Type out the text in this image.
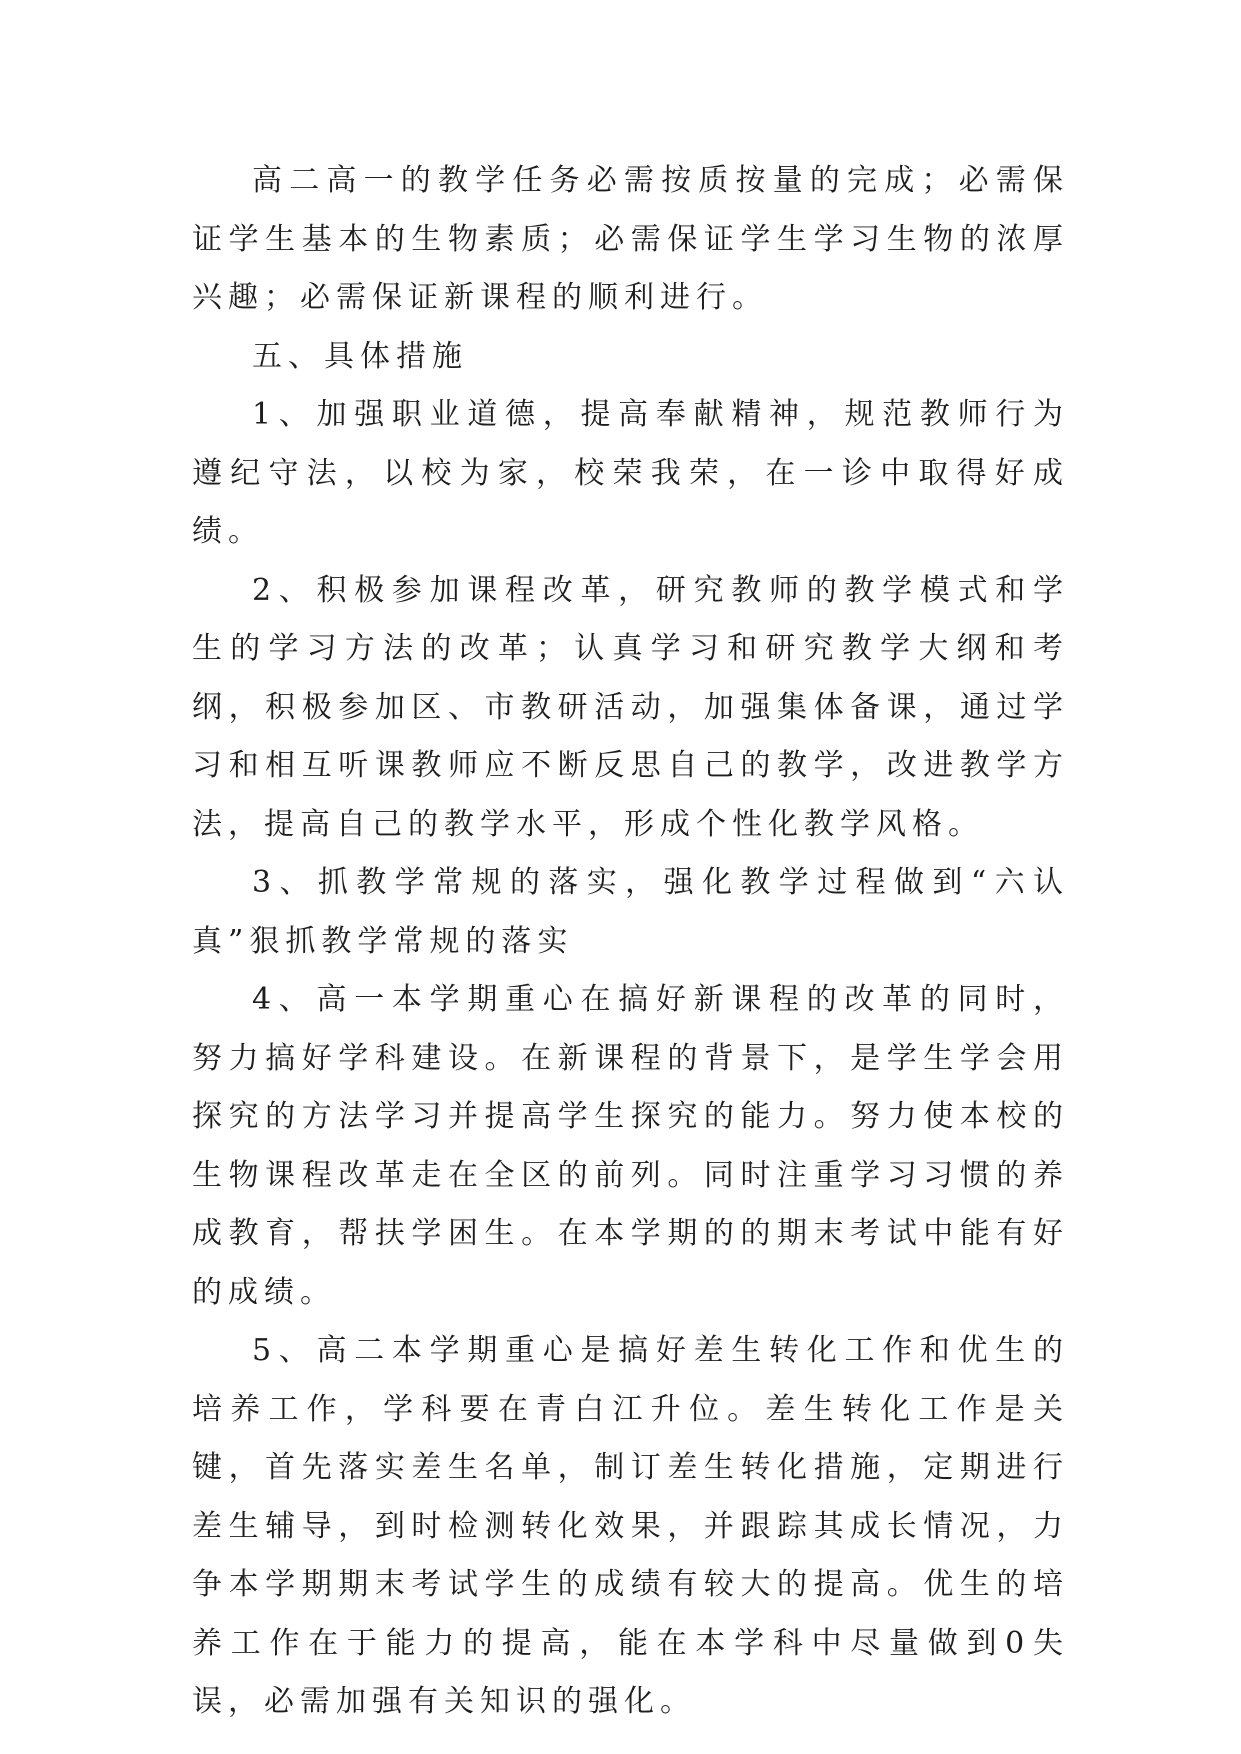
高二高一的教学任务必需按质按量的完成；必需保证学生基本的生物素质；必需保证学生学习生物的浓厚兴趣；必需保证新课程的顺利进行。

五、具体措施

1、加强职业道德，提高奉献精神，规范教师行为遵纪守法，以校为家，校荣我荣，在一诊中取得好成绩。

2、积极参加课程改革，研究教师的教学模式和学生的学习方法的改革；认真学习和研究教学大纲和考纲，积极参加区、市教研活动，加强集体备课，通过学习和相互听课教师应不断反思自己的教学，改进教学方法，提高自己的教学水平，形成个性化教学风格。

3、抓教学常规的落实，强化教学过程做到“六认真”狠抓教学常规的落实

4、高一本学期重心在搞好新课程的改革的同时，努力搞好学科建设。在新课程的背景下，是学生学会用探究的方法学习并提高学生探究的能力。努力使本校的生物课程改革走在全区的前列。同时注重学习习惯的养成教育，帮扶学困生。在本学期的的期末考试中能有好的成绩。

5、高二本学期重心是搞好差生转化工作和优生的培养工作，学科要在青白江升位。差生转化工作是关键，首先落实差生名单，制订差生转化措施，定期进行差生辅导，到时检测转化效果，并跟踪其成长情况，力争本学期期末考试学生的成绩有较大的提高。优生的培养工作在于能力的提高，能在本学科中尽量做到0失误，必需加强有关知识的强化。
